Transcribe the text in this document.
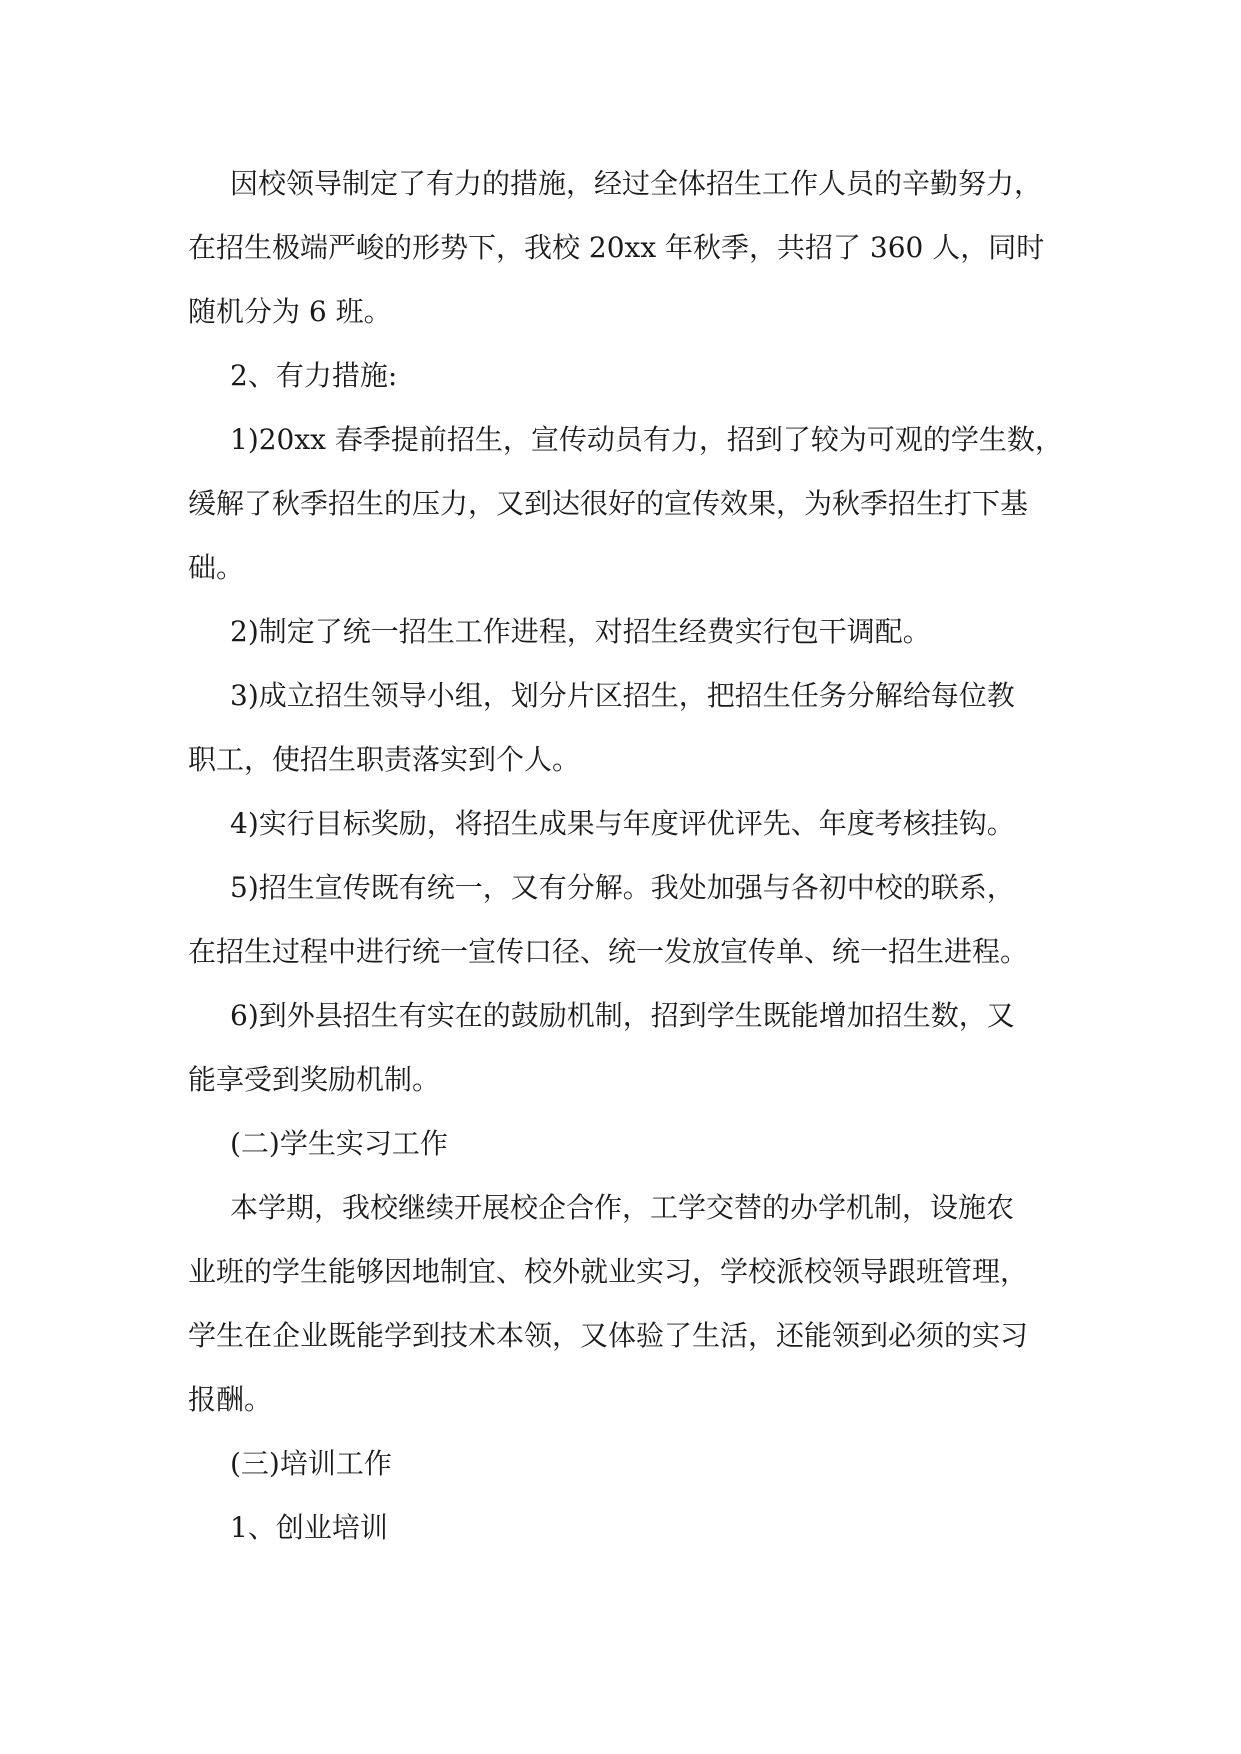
因校领导制定了有力的措施，经过全体招生工作人员的辛勤努力，

在招生极端严峻的形势下，我校 20xx 年秋季，共招了 360 人，同时

随机分为 6 班。

2、有力措施:

1)20xx 春季提前招生，宣传动员有力，招到了较为可观的学生数，

缓解了秋季招生的压力，又到达很好的宣传效果，为秋季招生打下基

础。

2)制定了统一招生工作进程，对招生经费实行包干调配。

3)成立招生领导小组，划分片区招生，把招生任务分解给每位教

职工，使招生职责落实到个人。

4)实行目标奖励，将招生成果与年度评优评先、年度考核挂钩。

5)招生宣传既有统一，又有分解。我处加强与各初中校的联系，

在招生过程中进行统一宣传口径、统一发放宣传单、统一招生进程。

6)到外县招生有实在的鼓励机制，招到学生既能增加招生数，又

能享受到奖励机制。

(二)学生实习工作

本学期，我校继续开展校企合作，工学交替的办学机制，设施农

业班的学生能够因地制宜、校外就业实习，学校派校领导跟班管理，

学生在企业既能学到技术本领，又体验了生活，还能领到必须的实习

报酬。

(三)培训工作

1、创业培训
